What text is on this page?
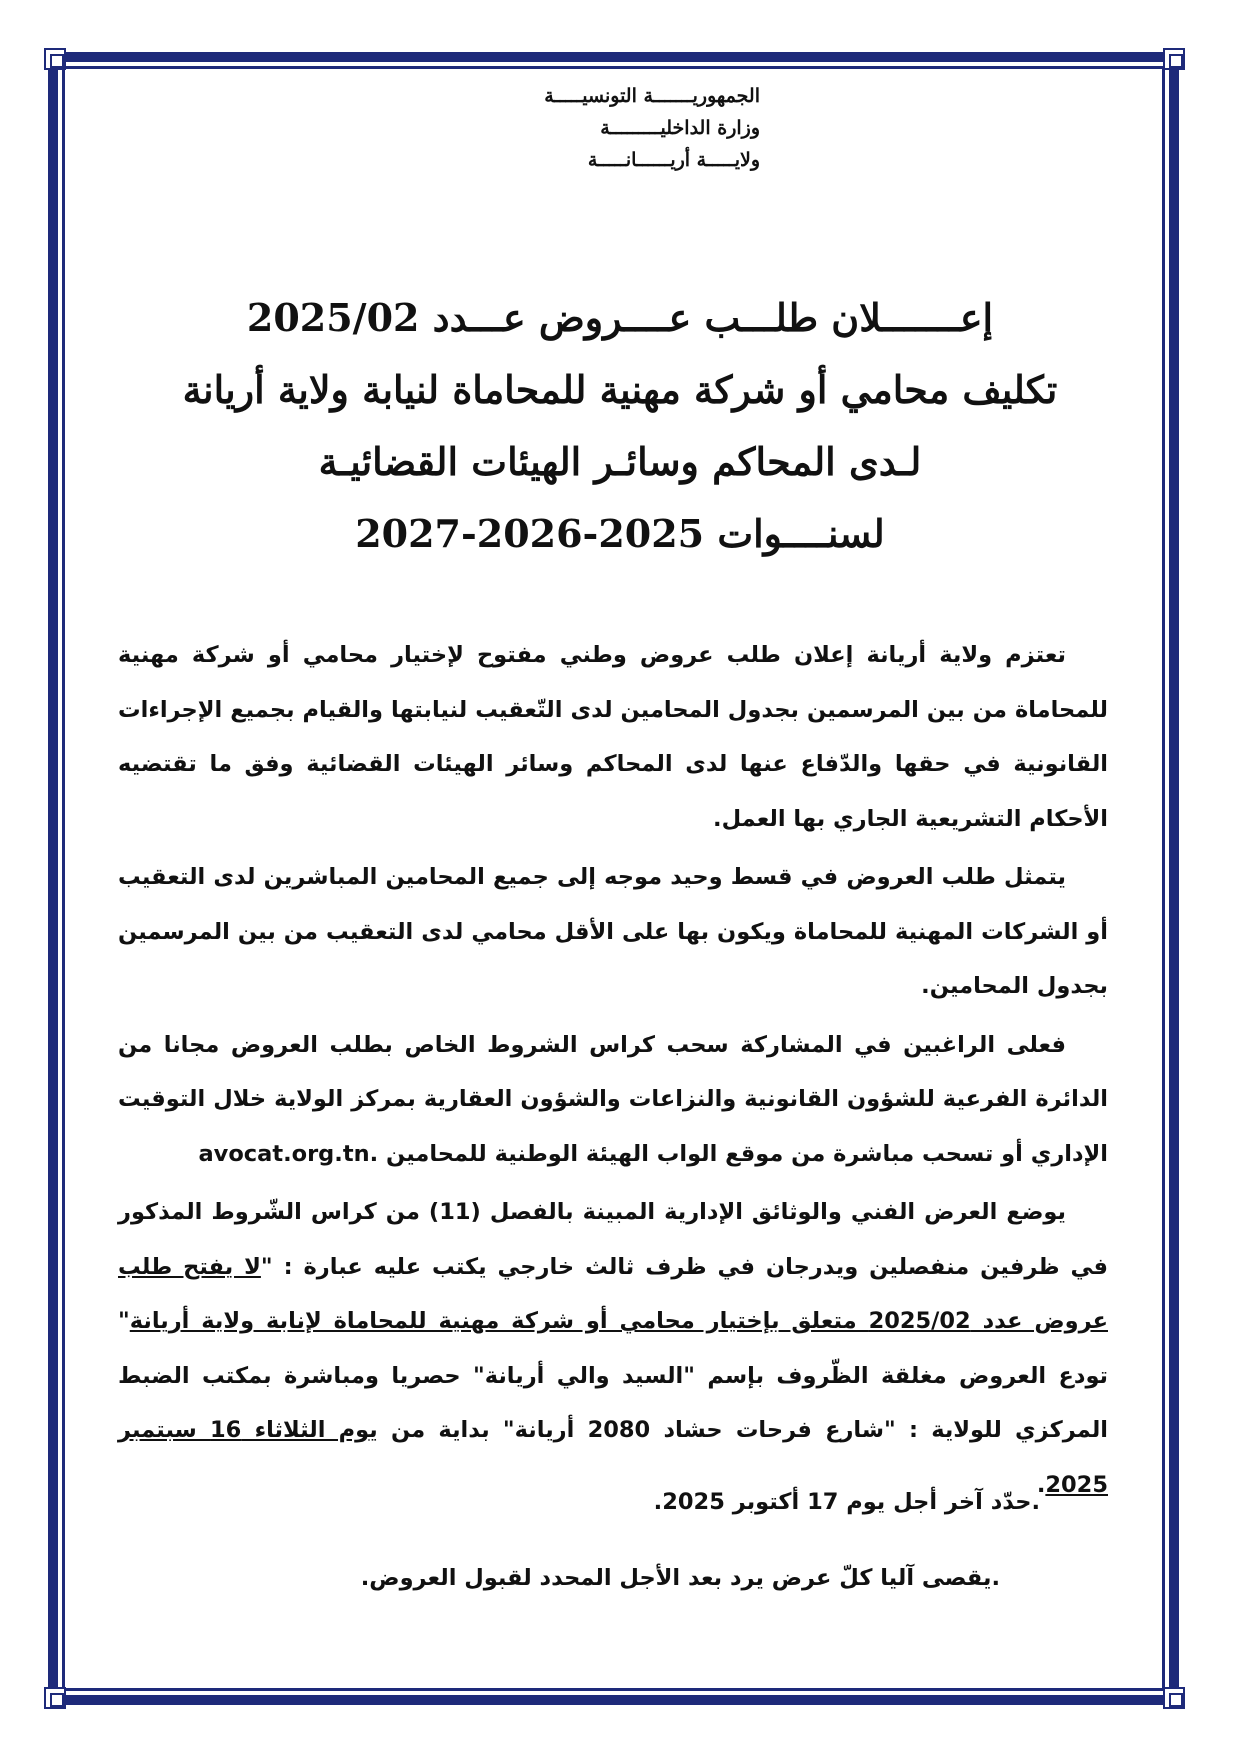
الجمهوريـــــــة التونسيـــــة
وزارة الداخليـــــــــة
ولايـــــة أريــــــانـــــة
إعـــــــلان طلـــب عــــروض عـــدد 2025/02
تكليف محامي أو شركة مهنية للمحاماة لنيابة ولاية أريانة
لـدى المحاكم وسائـر الهيئات القضائيـة
لسنــــوات 2025-2026-2027

تعتزم ولاية أريانة إعلان طلب عروض وطني مفتوح لإختيار محامي أو شركة مهنية للمحاماة من بين المرسمين بجدول المحامين لدى التّعقيب لنيابتها والقيام بجميع الإجراءات القانونية في حقها والدّفاع عنها لدى المحاكم وسائر الهيئات القضائية وفق ما تقتضيه الأحكام التشريعية الجاري بها العمل.

يتمثل طلب العروض في قسط وحيد موجه إلى جميع المحامين المباشرين لدى التعقيب أو الشركات المهنية للمحاماة ويكون بها على الأقل محامي لدى التعقيب من بين المرسمين بجدول المحامين.

فعلى الراغبين في المشاركة سحب كراس الشروط الخاص بطلب العروض مجانا من الدائرة الفرعية للشؤون القانونية والنزاعات والشؤون العقارية بمركز الولاية خلال التوقيت الإداري أو تسحب مباشرة من موقع الواب الهيئة الوطنية للمحامين avocat.org.tn.

يوضع العرض الفني والوثائق الإدارية المبينة بالفصل (11) من كراس الشّروط المذكور في ظرفين منفصلين ويدرجان في ظرف ثالث خارجي يكتب عليه عبارة : "لا يفتح طلب عروض عدد 2025/02 متعلق بإختيار محامي أو شركة مهنية للمحاماة لإنابة ولاية أريانة" تودع العروض مغلقة الظّروف بإسم "السيد والي أريانة" حصريا ومباشرة بمكتب الضبط المركزي للولاية : "شارع فرحات حشاد 2080 أريانة" بداية من يوم الثلاثاء 16 سبتمبر 2025.

.حدّد آخر أجل يوم 17 أكتوبر 2025.
.يقصى آليا كلّ عرض يرد بعد الأجل المحدد لقبول العروض.
